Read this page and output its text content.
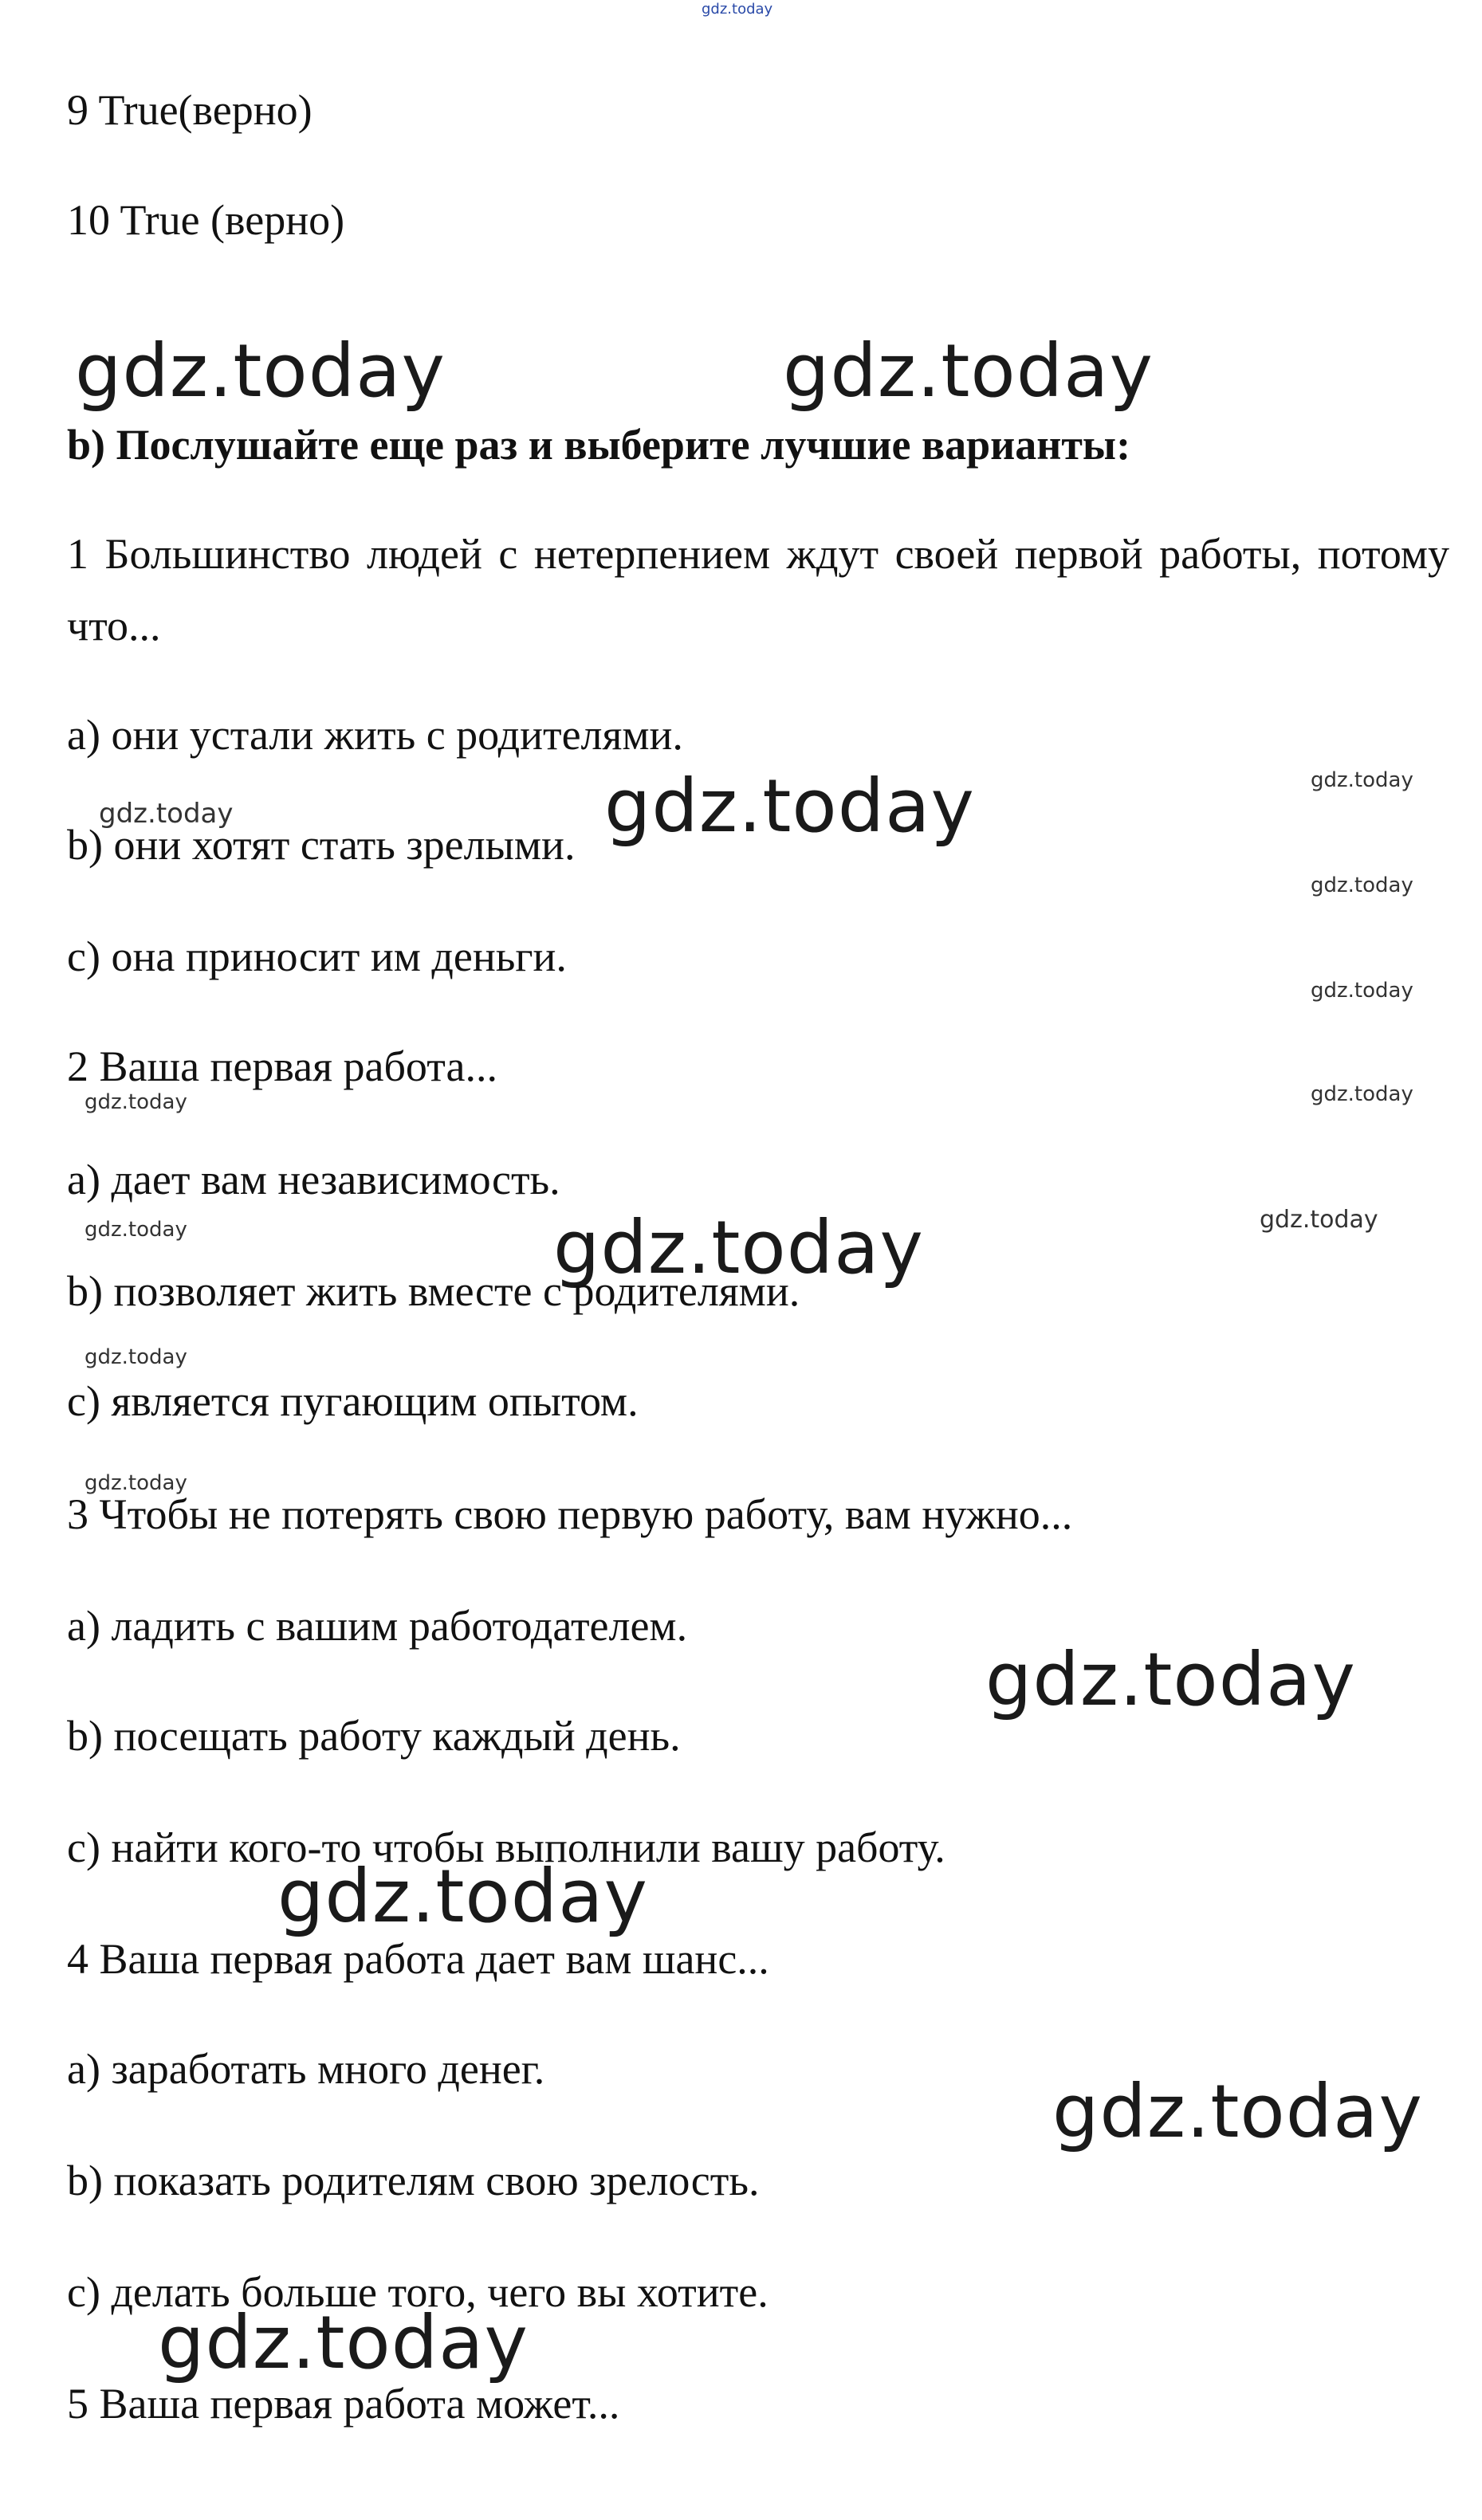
gdz.today

9 True(верно)

10 True (верно)

gdz.today	gdz.today

b) Послушайте еще раз и выберите лучшие варианты:

1 Большинство людей с нетерпением ждут своей первой работы, потому что...

a) они устали жить с родителями.

b) они хотят стать зрелыми.

c) она приносит им деньги.

gdz.today
gdz.today	gdz.today
gdz.today
gdz.today

2 Ваша первая работа...

gdz.today	gdz.today

a) дает вам независимость.

gdz.today	gdz.today
gdz.today

b) позволяет жить вместе с родителями.

gdz.today

c) является пугающим опытом.

gdz.today

3 Чтобы не потерять свою первую работу, вам нужно...

a) ладить с вашим работодателем.

gdz.today

b) посещать работу каждый день.

c) найти кого-то чтобы выполнили вашу работу.

gdz.today

4 Ваша первая работа дает вам шанс...

a) заработать много денег.	gdz.today

b) показать родителям свою зрелость.

c) делать больше того, чего вы хотите.

gdz.today

5 Ваша первая работа может...
